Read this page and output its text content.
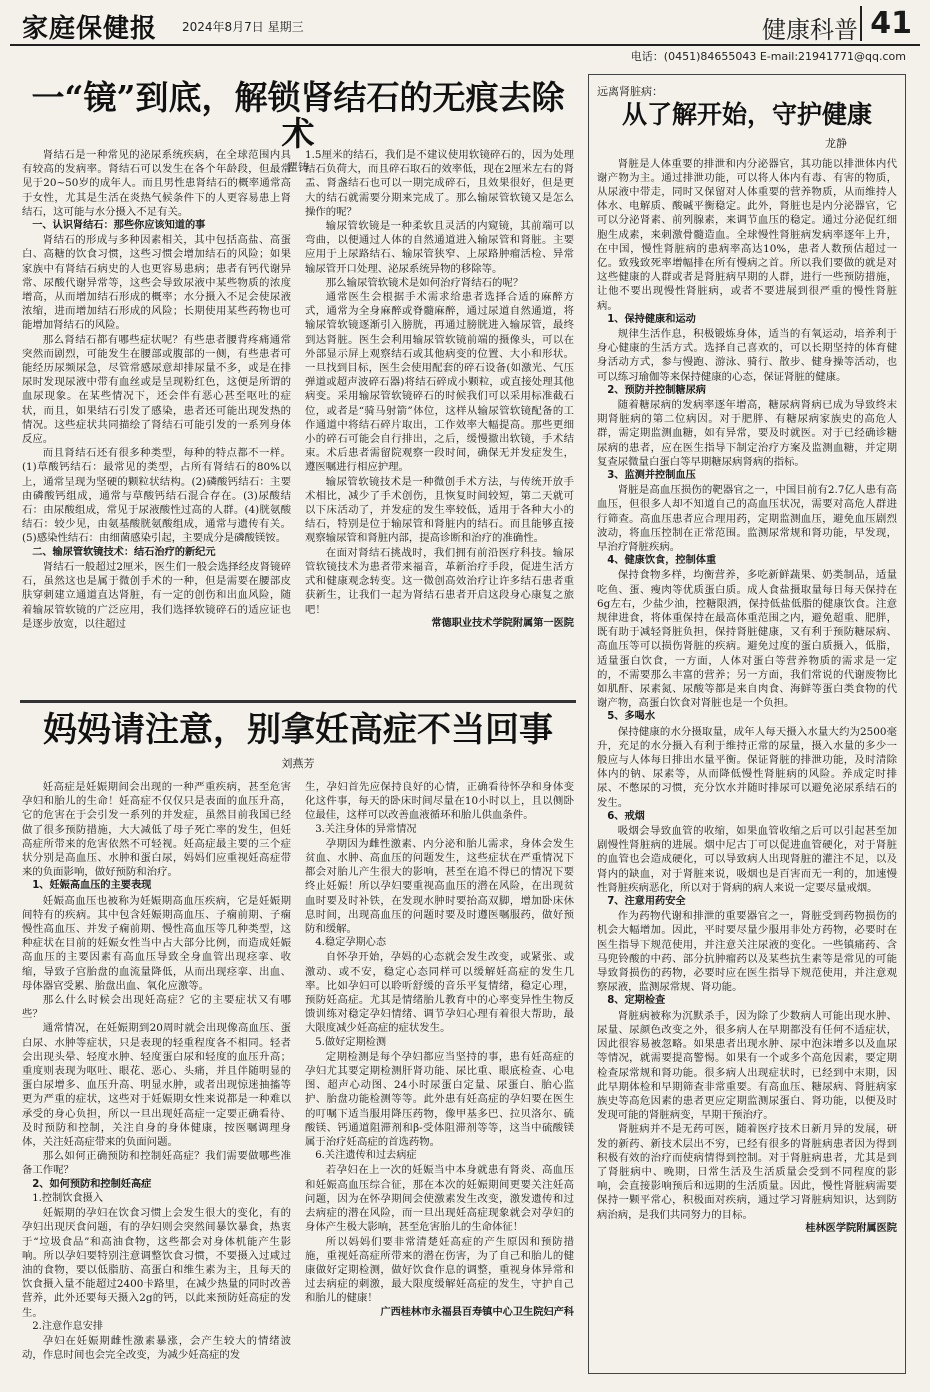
家庭保健报 2024年8月7日 星期三	健康科普 41
电话：(0451)84655043 E-mail:21941771@qq.com
一“镜”到底，解锁肾结石的无痕去除术
瞿铸

肾结石是一种常见的泌尿系统疾病，在全球范围内具有较高的发病率。肾结石可以发生在各个年龄段，但最常见于20~50岁的成年人。而且男性患肾结石的概率通常高于女性，尤其是生活在炎热气候条件下的人更容易患上肾结石，这可能与水分摄入不足有关。

一、认识肾结石：那些你应该知道的事

肾结石的形成与多种因素相关，其中包括高盐、高蛋白、高糖的饮食习惯，这些习惯会增加结石的风险；如果家族中有肾结石病史的人也更容易患病；患者有钙代谢异常、尿酸代谢异常等，这些会导致尿液中某些物质的浓度增高，从而增加结石形成的概率；水分摄入不足会使尿液浓缩，进而增加结石形成的风险；长期使用某些药物也可能增加肾结石的风险。

那么肾结石都有哪些症状呢？有些患者腰背疼痛通常突然而剧烈，可能发生在腰部或腹部的一侧，有些患者可能经历尿频尿急，尽管常感尿意却排尿量不多，或是在排尿时发现尿液中带有血丝或是呈现粉红色，这便是所谓的血尿现象。在某些情况下，还会伴有恶心甚至呕吐的症状，而且，如果结石引发了感染，患者还可能出现发热的情况。这些症状共同描绘了肾结石可能引发的一系列身体反应。

而且肾结石还有很多种类型，每种的特点都不一样。(1)草酸钙结石：最常见的类型，占所有肾结石的80%以上，通常呈现为坚硬的颗粒状结构。(2)磷酸钙结石：主要由磷酸钙组成，通常与草酸钙结石混合存在。(3)尿酸结石：由尿酸组成，常见于尿液酸性过高的人群。(4)胱氨酸结石：较少见，由氨基酸胱氨酸组成，通常与遗传有关。(5)感染性结石：由细菌感染引起，主要成分是磷酸镁铵。

二、输尿管软镜技术：结石治疗的新纪元

肾结石一般超过2厘米，医生们一般会选择经皮肾镜碎石，虽然这也是属于微创手术的一种，但是需要在腰部皮肤穿刺建立通道直达肾脏，有一定的创伤和出血风险，随着输尿管软镜的广泛应用，我们选择软镜碎石的适应证也是逐步放宽，以往超过

1.5厘米的结石，我们是不建议使用软镜碎石的，因为处理结石负荷大，而且碎石取石的效率低，现在2厘米左右的肾盂、肾盏结石也可以一期完成碎石，且效果很好，但是更大的结石就需要分期来完成了。那么输尿管软镜又是怎么操作的呢？

输尿管软镜是一种柔软且灵活的内窥镜，其前端可以弯曲，以便通过人体的自然通道进入输尿管和肾脏。主要应用于上尿路结石、输尿管狭窄、上尿路肿瘤活检、异常输尿管开口处理、泌尿系统异物的移除等。

那么输尿管软镜术是如何治疗肾结石的呢？

通常医生会根据手术需求给患者选择合适的麻醉方式，通常为全身麻醉或脊髓麻醉，通过尿道自然通道，将输尿管软镜逐渐引入膀胱，再通过膀胱进入输尿管，最终到达肾脏。医生会利用输尿管软镜前端的摄像头，可以在外部显示屏上观察结石或其他病变的位置、大小和形状。一旦找到目标，医生会使用配套的碎石设备(如激光、气压弹道或超声波碎石器)将结石碎成小颗粒，或直接处理其他病变。采用输尿管软镜碎石的时候我们可以采用标准截石位，或者是“骑马射箭”体位，这样从输尿管软镜配备的工作通道中将结石碎片取出，工作效率大幅提高。那些更细小的碎石可能会自行排出，之后，缓慢撤出软镜，手术结束。术后患者需留院观察一段时间，确保无并发症发生，遵医嘱进行相应护理。

输尿管软镜技术是一种微创手术方法，与传统开放手术相比，减少了手术创伤，且恢复时间较短，第二天就可以下床活动了，并发症的发生率较低，适用于各种大小的结石，特别是位于输尿管和肾脏内的结石。而且能够直接观察输尿管和肾脏内部，提高诊断和治疗的准确性。

在面对肾结石挑战时，我们拥有前沿医疗科技。输尿管软镜技术为患者带来福音，革新治疗手段，促进生活方式和健康观念转变。这一微创高效治疗让许多结石患者重获新生，让我们一起为肾结石患者开启这段身心康复之旅吧！

常德职业技术学院附属第一医院

妈妈请注意，别拿妊高症不当回事
刘燕芳

妊高症是妊娠期间会出现的一种严重疾病，甚至危害孕妇和胎儿的生命！妊高症不仅仅只是表面的血压升高，它的危害在于会引发一系列的并发症，虽然目前我国已经做了很多预防措施，大大减低了母子死亡率的发生，但妊高症所带来的危害依然不可轻视。妊高症最主要的三个症状分别是高血压、水肿和蛋白尿，妈妈们应重视妊高症带来的负面影响，做好预防和治疗。

1、妊娠高血压的主要表现

妊娠高血压也被称为妊娠期高血压疾病，它是妊娠期间特有的疾病。其中包含妊娠期高血压、子痫前期、子痫慢性高血压、并发子痫前期、慢性高血压等几种类型，这种症状在目前的妊娠女性当中占大部分比例，而造成妊娠高血压的主要因素有高血压导致全身血管出现痉挛、收缩，导致子宫胎盘的血流量降低，从而出现痉挛、出血、母体器官受累、胎盘出血、氧化应激等。

那么什么时候会出现妊高症？它的主要症状又有哪些？

通常情况，在妊娠期到20周时就会出现像高血压、蛋白尿、水肿等症状，只是表现的轻重程度各不相同。轻者会出现头晕、轻度水肿、轻度蛋白尿和轻度的血压升高；重度则表现为呕吐、眼花、恶心、头痛，并且伴随明显的蛋白尿增多、血压升高、明显水肿，或者出现惊迷抽搐等更为严重的症状，这些对于妊娠期女性来说都是一种难以承受的身心负担，所以一旦出现妊高症一定要正确看待、及时预防和控制，关注自身的身体健康，按医嘱调理身体，关注妊高症带来的负面问题。

那么如何正确预防和控制妊高症？我们需要做哪些准备工作呢？

2、如何预防和控制妊高症

1.控制饮食摄入

妊娠期的孕妇在饮食习惯上会发生很大的变化，有的孕妇出现厌食问题，有的孕妇则会突然间暴饮暴食，热衷于“垃圾食品”和高油食物，这些都会对身体机能产生影响。所以孕妇要特别注意调整饮食习惯，不要摄入过咸过油的食物，要以低脂肪、高蛋白和维生素为主，且每天的饮食摄入量不能超过2400卡路里，在减少热量的同时改善营养，此外还要每天摄入2g的钙，以此来预防妊高症的发生。

2.注意作息安排

孕妇在妊娠期雌性激素暴涨，会产生较大的情绪波动，作息时间也会完全改变，为减少妊高症的发

生，孕妇首先应保持良好的心情，正确看待怀孕和身体变化这件事，每天的卧床时间尽量在10小时以上，且以侧卧位最佳，这样可以改善血液循环和胎儿供血条件。

3.关注身体的异常情况

孕期因为雌性激素、内分泌和胎儿需求，身体会发生贫血、水肿、高血压的问题发生，这些症状在严重情况下都会对胎儿产生很大的影响，甚至在追不得已的情况下要终止妊娠！所以孕妇要重视高血压的潜在风险，在出现贫血时要及时补铁，在发现水肿时要抬高双脚，增加卧床休息时间，出现高血压的问题时要及时遵医嘱服药，做好预防和缓解。

4.稳定孕期心态

自怀孕开始，孕妈的心态就会发生改变，或紧张、或激动、或不安，稳定心态同样可以缓解妊高症的发生几率。比如孕妇可以聆听舒缓的音乐平复情绪，稳定心理，预防妊高症。尤其是情绪胎儿教育中的心率变异性生物反馈训练对稳定孕妇情绪、调节孕妇心理有着很大帮助，最大限度减少妊高症的症状发生。

5.做好定期检测

定期检测是每个孕妇都应当坚持的事，患有妊高症的孕妇尤其要定期检测肝肾功能、尿比重、眼底检查、心电图、超声心动图、24小时尿蛋白定量、尿蛋白、胎心监护、胎盘功能检测等等。此外患有妊高症的孕妇要在医生的叮嘱下适当服用降压药物，像甲基多巴、拉贝洛尔、硫酸镁、钙通道阻滞剂和β-受体阻滞剂等等，这当中硫酸镁属于治疗妊高症的首选药物。

6.关注遗传和过去病症

若孕妇在上一次的妊娠当中本身就患有肾炎、高血压和妊娠高血压综合征，那在本次的妊娠期间更要关注妊高问题，因为在怀孕期间会使激素发生改变，激发遗传和过去病症的潜在风险，而一旦出现妊高症现象就会对孕妇的身体产生极大影响，甚至危害胎儿的生命体征！

所以妈妈们要非常清楚妊高症的产生原因和预防措施，重视妊高症所带来的潜在伤害，为了自己和胎儿的健康做好定期检测，做好饮食作息的调整，重视身体异常和过去病症的刺激，最大限度缓解妊高症的发生，守护自己和胎儿的健康！

广西桂林市永福县百寿镇中心卫生院妇产科

远离肾脏病：
从了解开始，守护健康
龙静

肾脏是人体重要的排泄和内分泌器官，其功能以排泄体内代谢产物为主。通过排泄功能，可以将人体内有毒、有害的物质，从尿液中带走，同时又保留对人体重要的营养物质，从而维持人体水、电解质、酸碱平衡稳定。此外，肾脏也是内分泌器官，它可以分泌肾素、前列腺素，来调节血压的稳定。通过分泌促红细胞生成素，来刺激骨髓造血。全球慢性肾脏病发病率逐年上升，在中国，慢性肾脏病的患病率高达10%，患者人数预估超过一亿。致残致死率增幅排在所有慢病之首。所以我们要做的就是对这些健康的人群或者是肾脏病早期的人群，进行一些预防措施，让他不要出现慢性肾脏病，或者不要进展到很严重的慢性肾脏病。

1、保持健康和运动

规律生活作息，积极锻炼身体，适当的有氧运动，培养利于身心健康的生活方式。选择自己喜欢的，可以长期坚持的体育健身活动方式，参与慢跑、游泳、骑行、散步、健身操等活动，也可以练习瑜伽等来保持健康的心态，保证肾脏的健康。

2、预防并控制糖尿病

随着糖尿病的发病率逐年增高，糖尿病肾病已成为导致终末期肾脏病的第二位病因。对于肥胖、有糖尿病家族史的高危人群，需定期监测血糖，如有异常，要及时就医。对于已经确诊糖尿病的患者，应在医生指导下制定治疗方案及监测血糖，并定期复查尿微量白蛋白等早期糖尿病肾病的指标。

3、监测并控制血压

肾脏是高血压损伤的靶器官之一，中国目前有2.7亿人患有高血压，但很多人却不知道自己的高血压状况，需要对高危人群进行筛查。高血压患者应合理用药，定期监测血压，避免血压剧烈波动，将血压控制在正常范围。监测尿常规和肾功能，早发现，早治疗肾脏疾病。

4、健康饮食，控制体重

保持食物多样，均衡营养，多吃新鲜蔬果、奶类制品，适量吃鱼、蛋、瘦肉等优质蛋白质。成人食盐摄取量每日每天保持在6g左右，少盐少油，控糖限酒，保持低盐低脂的健康饮食。注意规律进食，将体重保持在最高体重范围之内，避免超重、肥胖，既有助于减轻肾脏负担，保持肾脏健康，又有利于预防糖尿病、高血压等可以损伤肾脏的疾病。避免过度的蛋白质摄入，低脂，适量蛋白饮食，一方面，人体对蛋白等营养物质的需求是一定的，不需要那么丰富的营养；另一方面，我们常说的代谢废物比如肌酐、尿素氮、尿酸等都是来自肉食、海鲜等蛋白类食物的代谢产物，高蛋白饮食对肾脏也是一个负担。

5、多喝水

保持健康的水分摄取量，成年人每天摄入水量大约为2500毫升，充足的水分摄入有利于维持正常的尿量，摄入水量的多少一般应与人体每日排出水量平衡。保证肾脏的排泄功能，及时清除体内的钠、尿素等，从而降低慢性肾脏病的风险。养成定时排尿、不憋尿的习惯，充分饮水并随时排尿可以避免泌尿系结石的发生。

6、戒烟

吸烟会导致血管的收缩，如果血管收缩之后可以引起甚至加剧慢性肾脏病的进展。烟中尼古丁可以促进血管硬化，对于肾脏的血管也会造成硬化，可以导致病人出现肾脏的灌注不足，以及肾内的缺血，对于肾脏来说，吸烟也是百害而无一利的，加速慢性肾脏疾病恶化，所以对于肾病的病人来说一定要尽量戒烟。

7、注意用药安全

作为药物代谢和排泄的重要器官之一，肾脏受到药物损伤的机会大幅增加。因此，平时要尽量少服用非处方药物，必要时在医生指导下规范使用，并注意关注尿液的变化。一些镇痛药、含马兜铃酸的中药、部分抗肿瘤药以及某些抗生素等是常见的可能导致肾损伤的药物，必要时应在医生指导下规范使用，并注意观察尿液，监测尿常规、肾功能。

8、定期检查

肾脏病被称为沉默杀手，因为除了少数病人可能出现水肿、尿量、尿颜色改变之外，很多病人在早期都没有任何不适症状，因此很容易被忽略。如果患者出现水肿、尿中泡沫增多以及血尿等情况，就需要提高警惕。如果有一个或多个高危因素，要定期检查尿常规和肾功能。很多病人出现症状时，已经到中末期，因此早期体检和早期筛查非常重要。有高血压、糖尿病、肾脏病家族史等高危因素的患者更应定期监测尿蛋白、肾功能，以便及时发现可能的肾脏病变，早期干预治疗。

肾脏病并不是无药可医，随着医疗技术日新月异的发展，研发的新药、新技术层出不穷，已经有很多的肾脏病患者因为得到积极有效的治疗而使病情得到控制。对于肾脏病患者，尤其是到了肾脏病中、晚期，日常生活及生活质量会受到不同程度的影响，会直接影响预后和远期的生活质量。因此，慢性肾脏病需要保持一颗平常心，积极面对疾病，通过学习肾脏病知识，达到防病治病，是我们共同努力的目标。

桂林医学院附属医院
